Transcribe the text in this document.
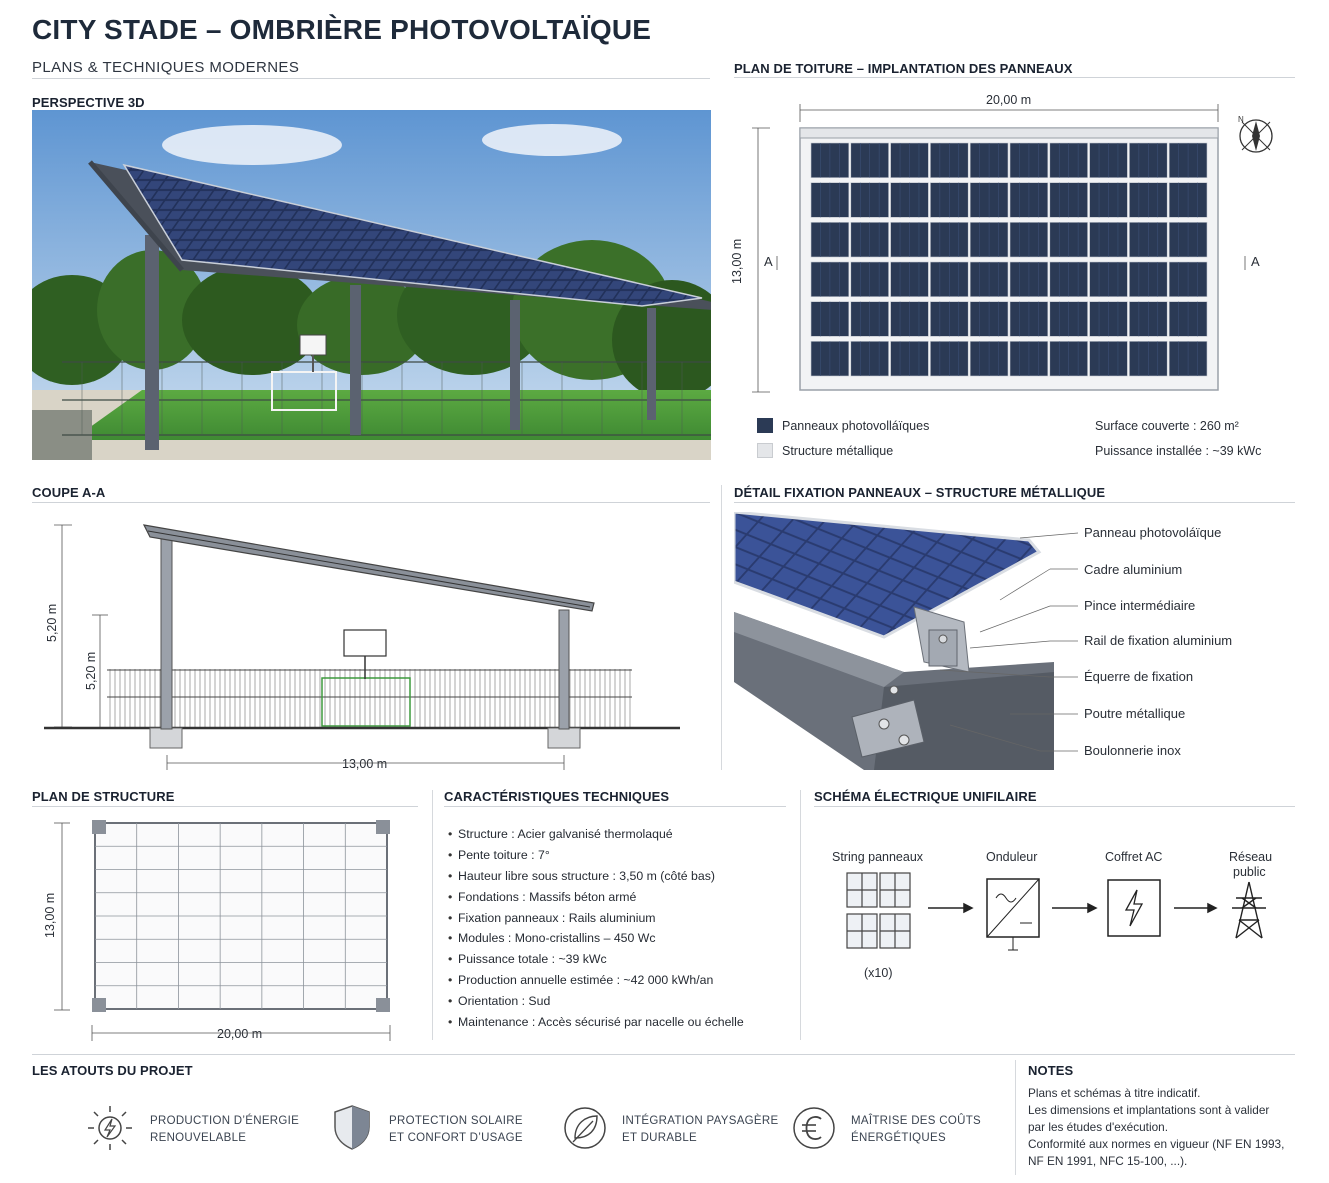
CITY STADE – OMBRIÈRE PHOTOVOLTAÏQUE
PLANS & TECHNIQUES MODERNES
PERSPECTIVE 3D
PLAN DE TOITURE – IMPLANTATION DES PANNEAUX
20,00 m
13,00 m A	A
N
Panneaux photovolláïques
Structure métallique
Surface couverte : 260 m²
Puissance installée : ~39 kWc
COUPE A-A
5,20 m
5,20 m
13,00 m
DÉTAIL FIXATION PANNEAUX – STRUCTURE MÉTALLIQUE
Panneau photovoláïque
Cadre aluminium
Pince intermédiaire
Rail de fixation aluminium
Équerre de fixation
Poutre métallique
Boulonnerie inox
PLAN DE STRUCTURE
13,00 m
20,00 m
CARACTÉRISTIQUES TECHNIQUES
• Structure : Acier galvanisé thermolaqué
• Pente toiture : 7°
• Hauteur libre sous structure : 3,50 m (côté bas)
• Fondations : Massifs béton armé
• Fixation panneaux : Rails aluminium
• Modules : Mono-cristallins – 450 Wc
• Puissance totale : ~39 kWc
• Production annuelle estimée : ~42 000 kWh/an
• Orientation : Sud
• Maintenance : Accès sécurisé par nacelle ou échelle
SCHÉMA ÉLECTRIQUE UNIFILAIRE
String panneaux
(x10)
Onduleur	Coffret AC	Réseau
public
LES ATOUTS DU PROJET
PRODUCTION D’ÉNERGIE
RENOUVELABLE
PROTECTION SOLAIRE
ET CONFORT D’USAGE
INTÉGRATION PAYSAGÈRE
ET DURABLE
MAÎTRISE DES COÛTS
ÉNERGÉTIQUES
NOTES
Plans et schémas à titre indicatif.
Les dimensions et implantations sont à valider
par les études d'exécution.
Conformité aux normes en vigueur (NF EN 1993,
NF EN 1991, NFC 15-100, ...).
